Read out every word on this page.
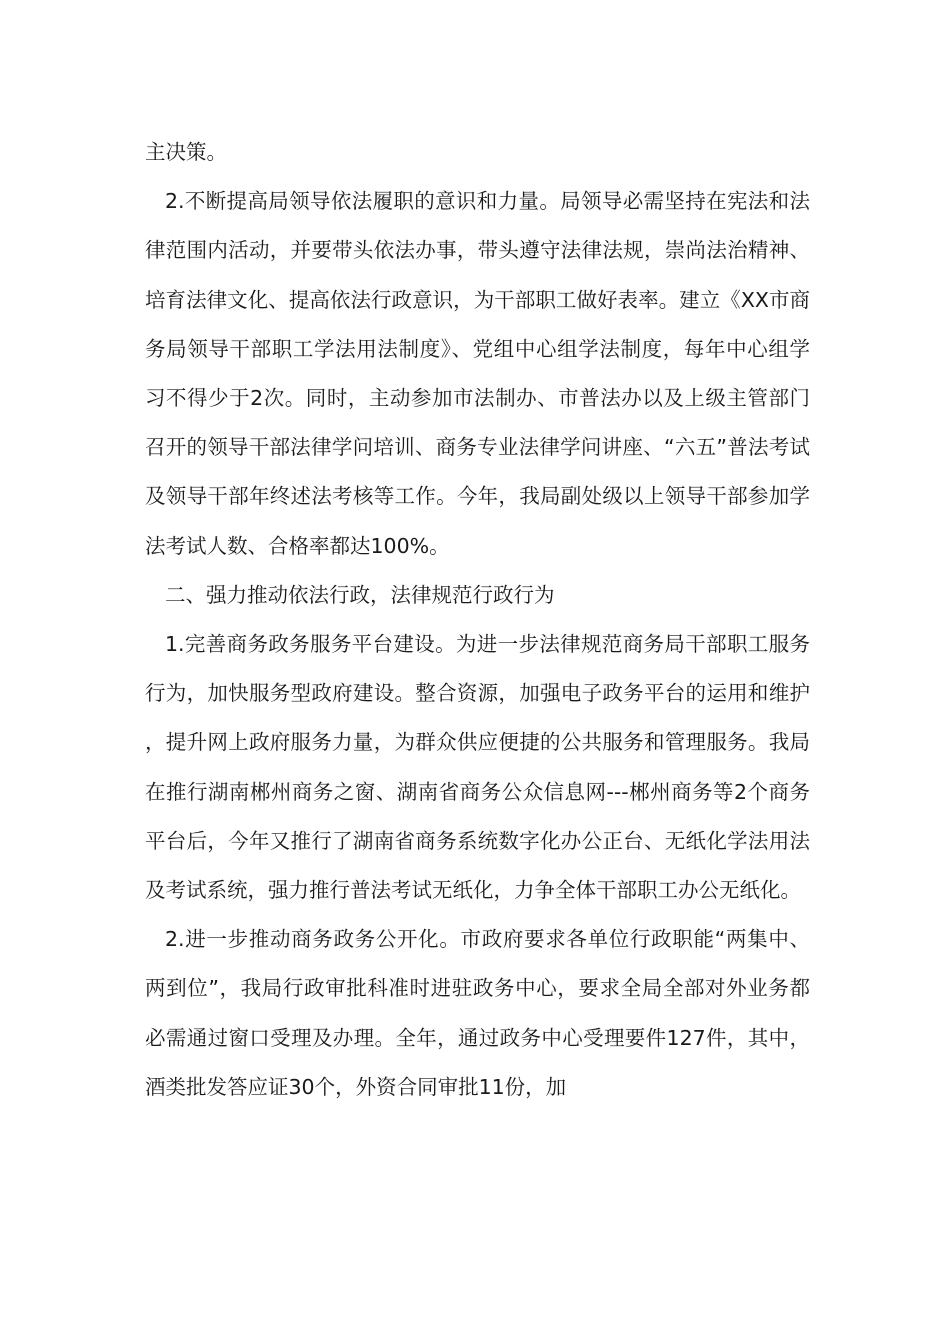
主决策。

2.不断提高局领导依法履职的意识和力量。局领导必需坚持在宪法和法律范围内活动，并要带头依法办事，带头遵守法律法规，崇尚法治精神、培育法律文化、提高依法行政意识，为干部职工做好表率。建立《XX市商务局领导干部职工学法用法制度》、党组中心组学法制度，每年中心组学习不得少于2次。同时，主动参加市法制办、市普法办以及上级主管部门召开的领导干部法律学问培训、商务专业法律学问讲座、“六五”普法考试及领导干部年终述法考核等工作。今年，我局副处级以上领导干部参加学法考试人数、合格率都达100%。

二、强力推动依法行政，法律规范行政行为

1.完善商务政务服务平台建设。为进一步法律规范商务局干部职工服务行为，加快服务型政府建设。整合资源，加强电子政务平台的运用和维护，提升网上政府服务力量，为群众供应便捷的公共服务和管理服务。我局在推行湖南郴州商务之窗、湖南省商务公众信息网---郴州商务等2个商务平台后，今年又推行了湖南省商务系统数字化办公正台、无纸化学法用法及考试系统，强力推行普法考试无纸化，力争全体干部职工办公无纸化。

2.进一步推动商务政务公开化。市政府要求各单位行政职能“两集中、两到位”，我局行政审批科准时进驻政务中心，要求全局全部对外业务都必需通过窗口受理及办理。全年，通过政务中心受理要件127件，其中，酒类批发答应证30个，外资合同审批11份，加
